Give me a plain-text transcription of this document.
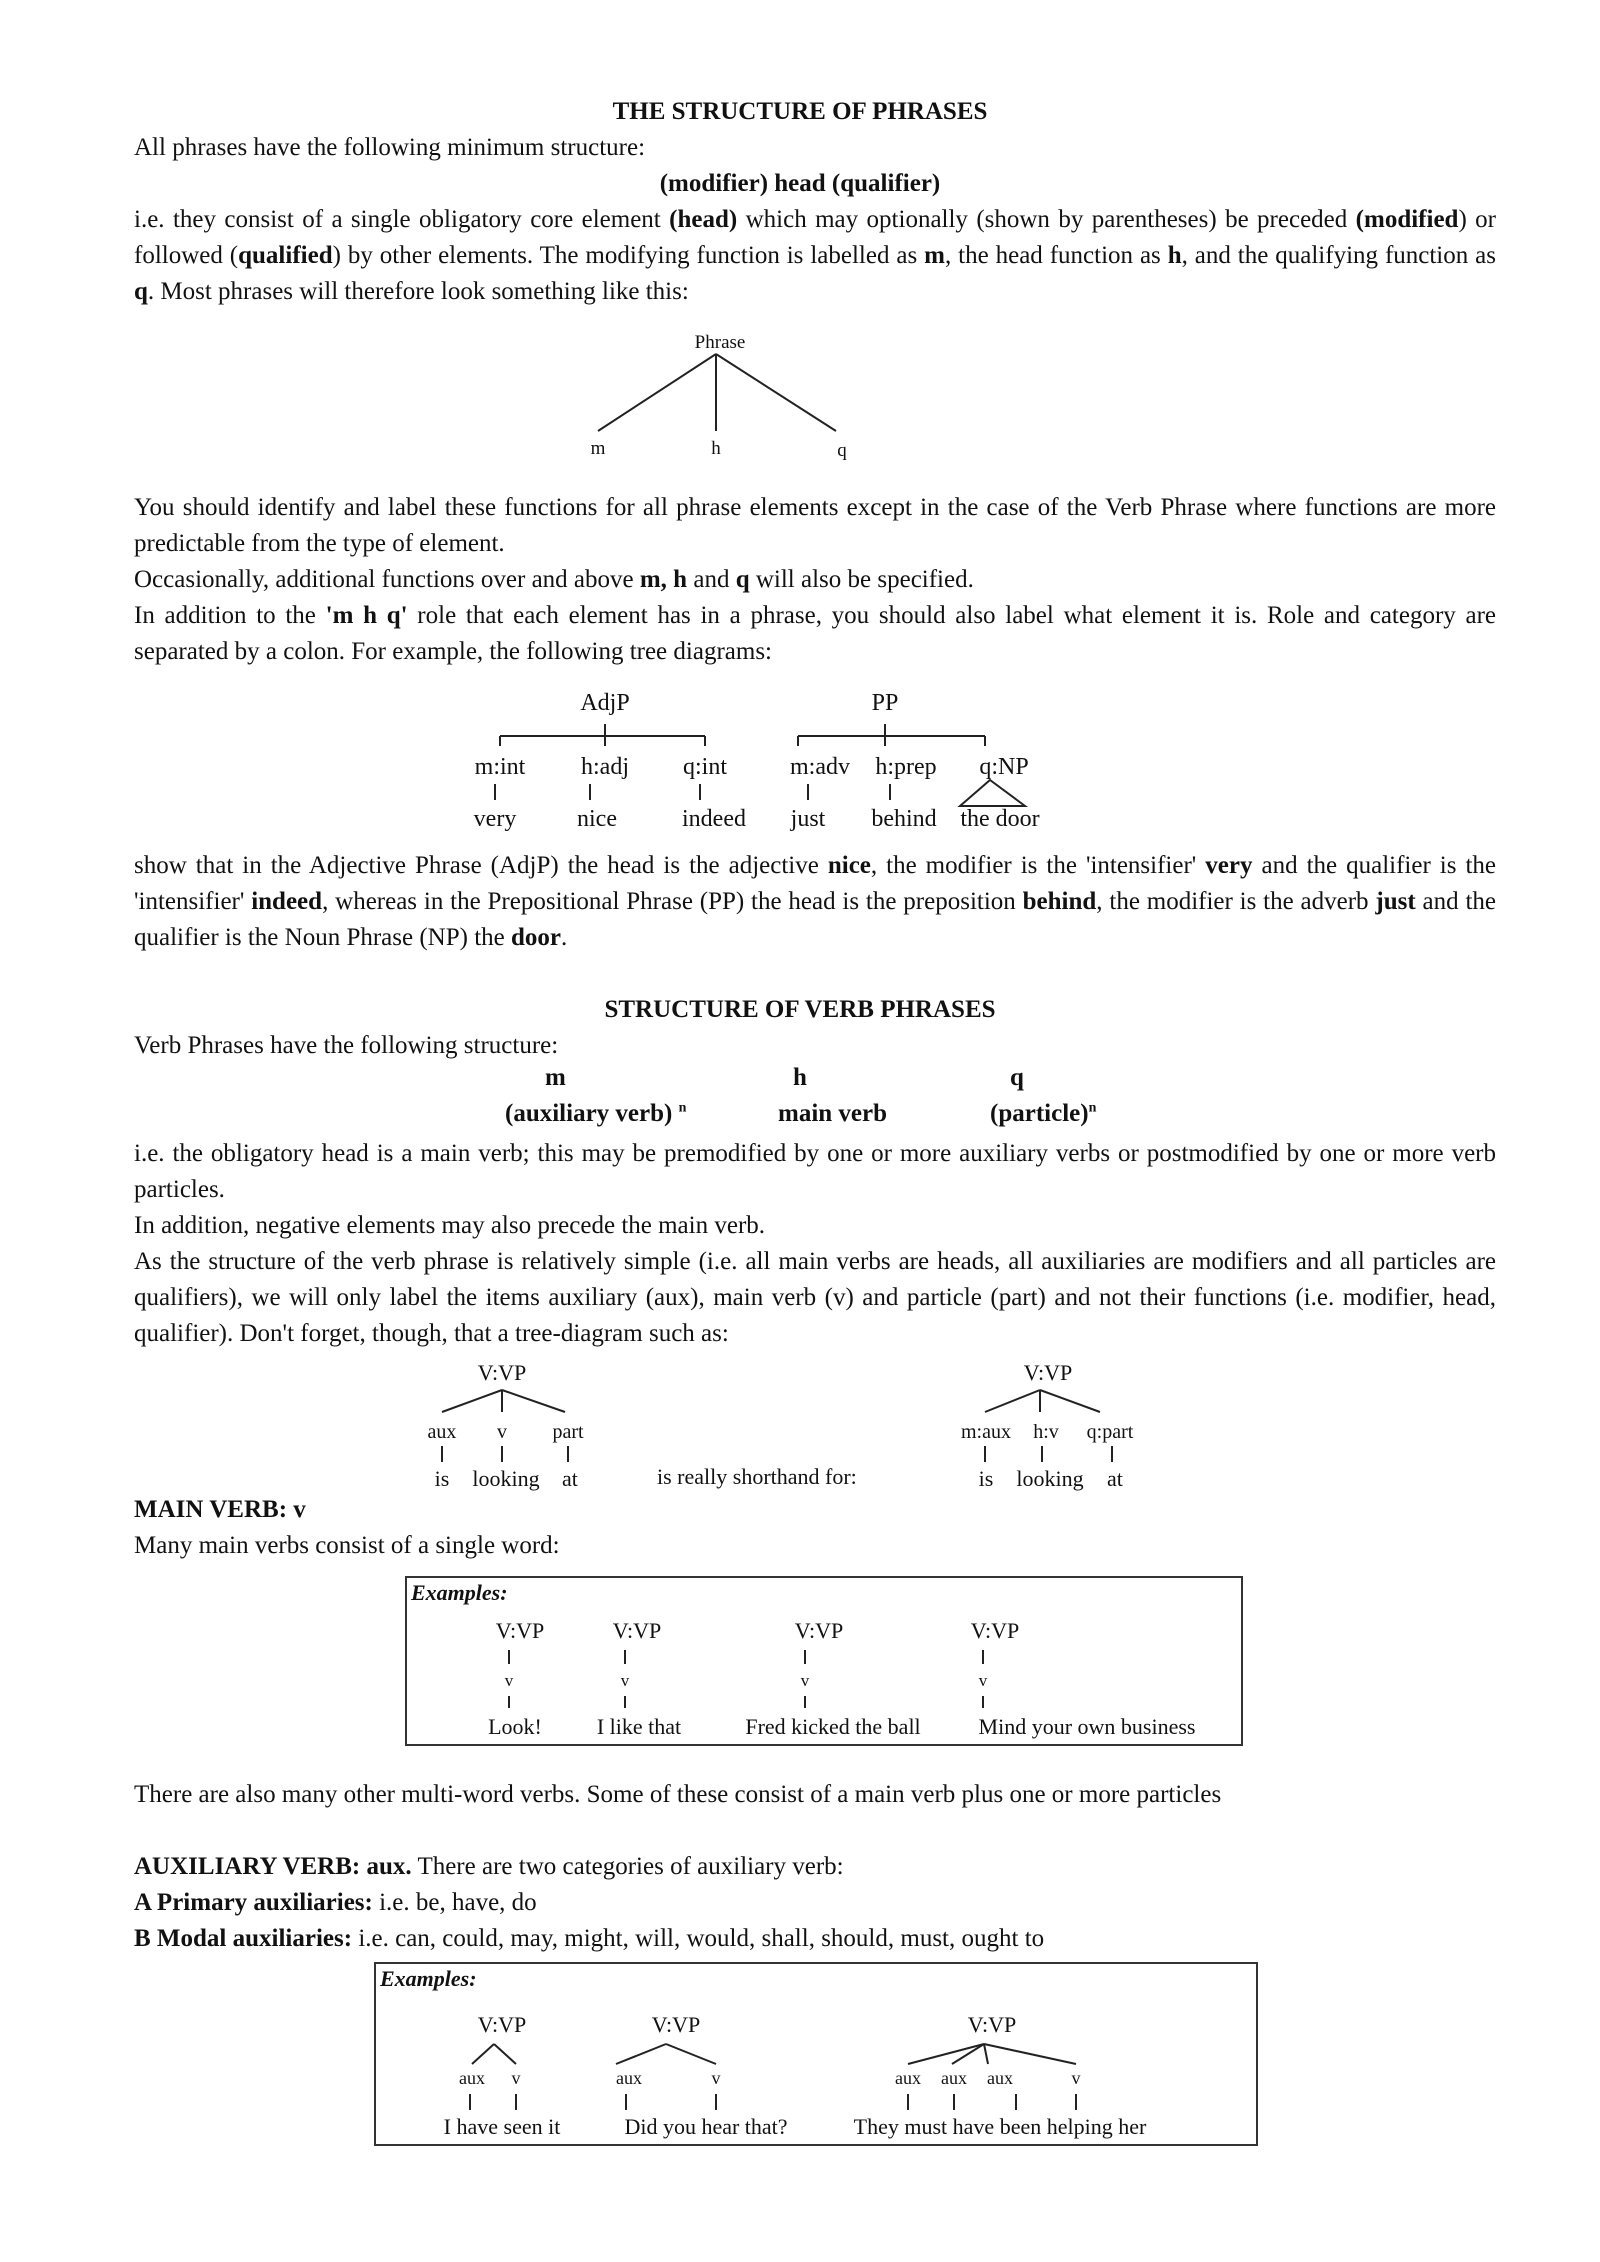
THE STRUCTURE OF PHRASES
All phrases have the following minimum structure:
(modifier) head (qualifier)
i.e. they consist of a single obligatory core element (head) which may optionally (shown by parentheses) be preceded (modified) or followed (qualified) by other elements. The modifying function is labelled as m, the head function as h, and the qualifying function as q. Most phrases will therefore look something like this:
Phrase
m	h	q
You should identify and label these functions for all phrase elements except in the case of the Verb Phrase where functions are more predictable from the type of element.
Occasionally, additional functions over and above m, h and q will also be specified.
In addition to the 'm h q' role that each element has in a phrase, you should also label what element it is. Role and category are separated by a colon. For example, the following tree diagrams:
AdjP
m:int h:adj q:int
very	nice	indeed
PP
m:adv h:prep q:NP
just behind the door
show that in the Adjective Phrase (AdjP) the head is the adjective nice, the modifier is the 'intensifier' very and the qualifier is the 'intensifier' indeed, whereas in the Prepositional Phrase (PP) the head is the preposition behind, the modifier is the adverb just and the qualifier is the Noun Phrase (NP) the door.
STRUCTURE OF VERB PHRASES
Verb Phrases have the following structure:
m	h	q
(auxiliary verb) $^n$	main verb	(particle)$^n$
i.e. the obligatory head is a main verb; this may be premodified by one or more auxiliary verbs or postmodified by one or more verb particles.
In addition, negative elements may also precede the main verb.
As the structure of the verb phrase is relatively simple (i.e. all main verbs are heads, all auxiliaries are modifiers and all particles are qualifiers), we will only label the items auxiliary (aux), main verb (v) and particle (part) and not their functions (i.e. modifier, head, qualifier). Don't forget, though, that a tree-diagram such as:
V:VP
aux v part
is looking at	is really shorthand for:
V:VP
m:aux h:v q:part
is looking at
MAIN VERB: v
Many main verbs consist of a single word:
Examples:
V:VP
v
Look!
V:VP
v
I like that
V:VP
v
Fred kicked the ball
V:VP
v
Mind your own business
There are also many other multi-word verbs. Some of these consist of a main verb plus one or more particles
AUXILIARY VERB: aux. There are two categories of auxiliary verb:
A Primary auxiliaries: i.e. be, have, do
B Modal auxiliaries: i.e. can, could, may, might, will, would, shall, should, must, ought to
Examples:
V:VP
aux v
I have seen it
V:VP
aux	v
Did you hear that?
V:VP
aux aux aux	v
They must have been helping her
